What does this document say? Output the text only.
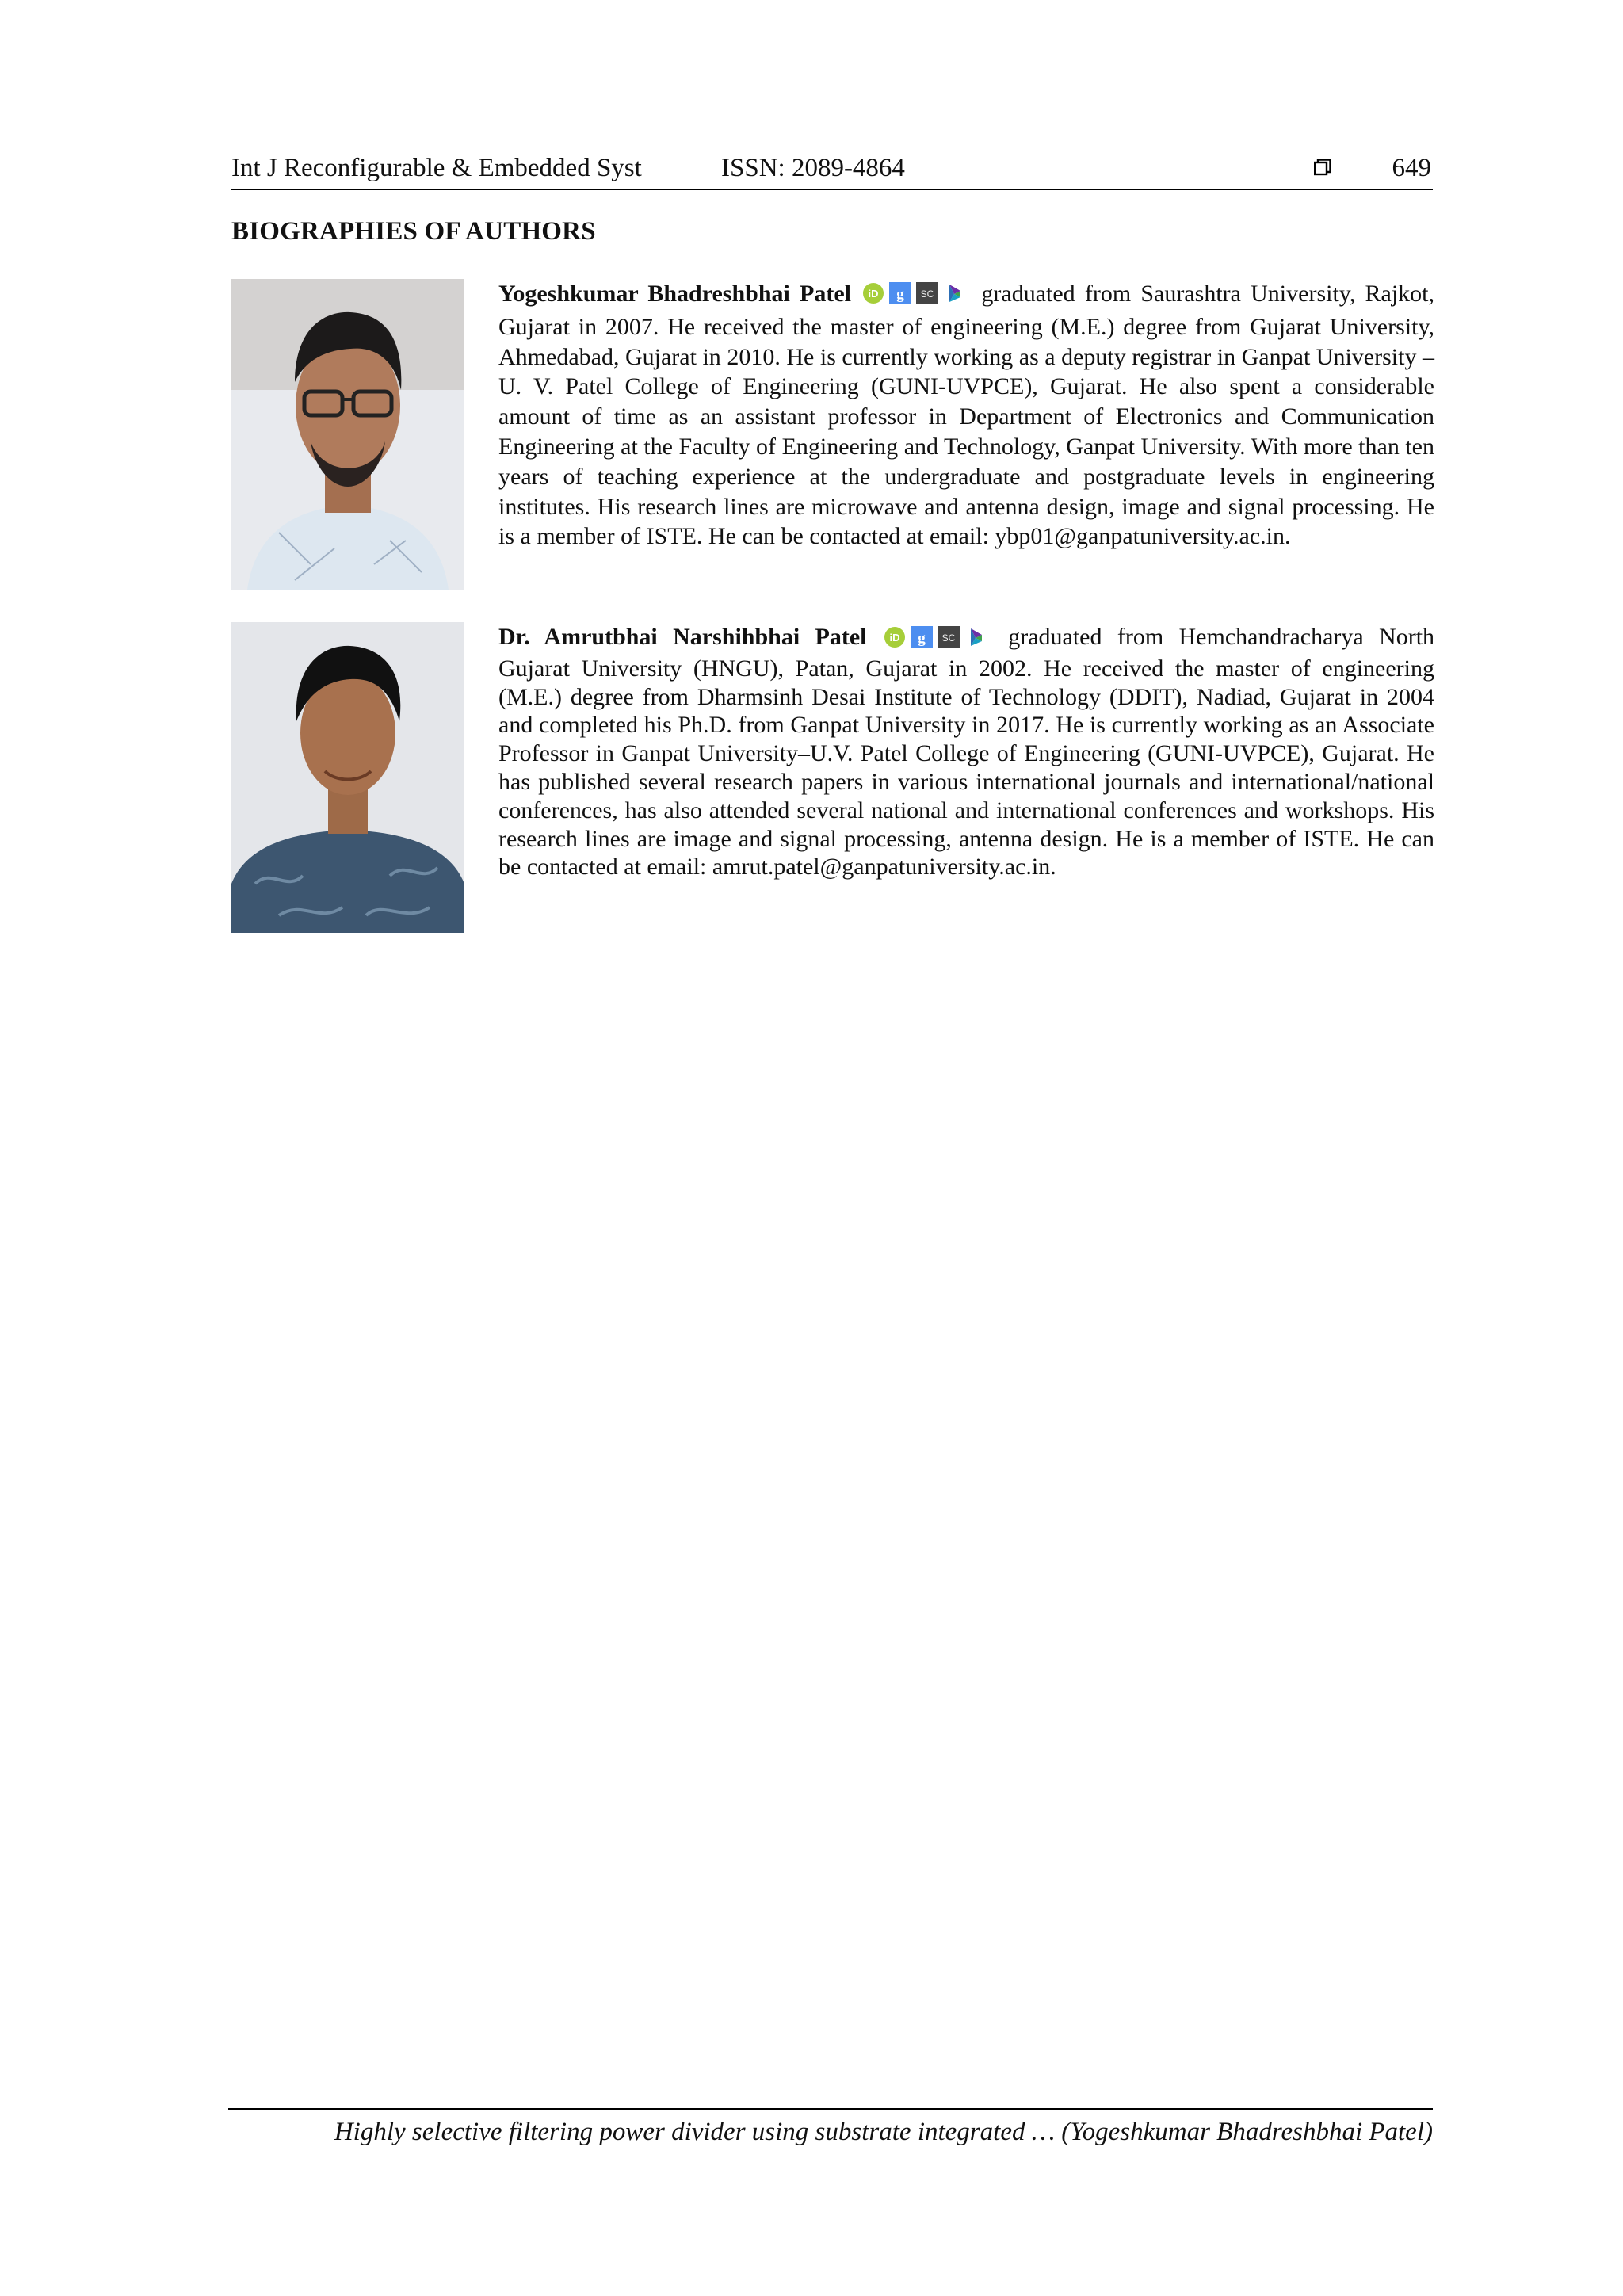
Int J Reconfigurable & Embedded Syst	ISSN: 2089-4864	649
BIOGRAPHIES OF AUTHORS
Yogeshkumar Bhadreshbhai Patel iD g SC graduated from Saurashtra University, Rajkot, Gujarat in 2007. He received the master of engineering (M.E.) degree from Gujarat University, Ahmedabad, Gujarat in 2010. He is currently working as a deputy registrar in Ganpat University – U. V. Patel College of Engineering (GUNI-UVPCE), Gujarat. He also spent a considerable amount of time as an assistant professor in Department of Electronics and Communication Engineering at the Faculty of Engineering and Technology, Ganpat University. With more than ten years of teaching experience at the undergraduate and postgraduate levels in engineering institutes. His research lines are microwave and antenna design, image and signal processing. He is a member of ISTE. He can be contacted at email: ybp01@ganpatuniversity.ac.in.
Dr. Amrutbhai Narshihbhai Patel iD g SC graduated from Hemchandracharya North Gujarat University (HNGU), Patan, Gujarat in 2002. He received the master of engineering (M.E.) degree from Dharmsinh Desai Institute of Technology (DDIT), Nadiad, Gujarat in 2004 and completed his Ph.D. from Ganpat University in 2017. He is currently working as an Associate Professor in Ganpat University–U.V. Patel College of Engineering (GUNI-UVPCE), Gujarat. He has published several research papers in various international journals and international/national conferences, has also attended several national and international conferences and workshops. His research lines are image and signal processing, antenna design. He is a member of ISTE. He can be contacted at email: amrut.patel@ganpatuniversity.ac.in.
Highly selective filtering power divider using substrate integrated … (Yogeshkumar Bhadreshbhai Patel)
